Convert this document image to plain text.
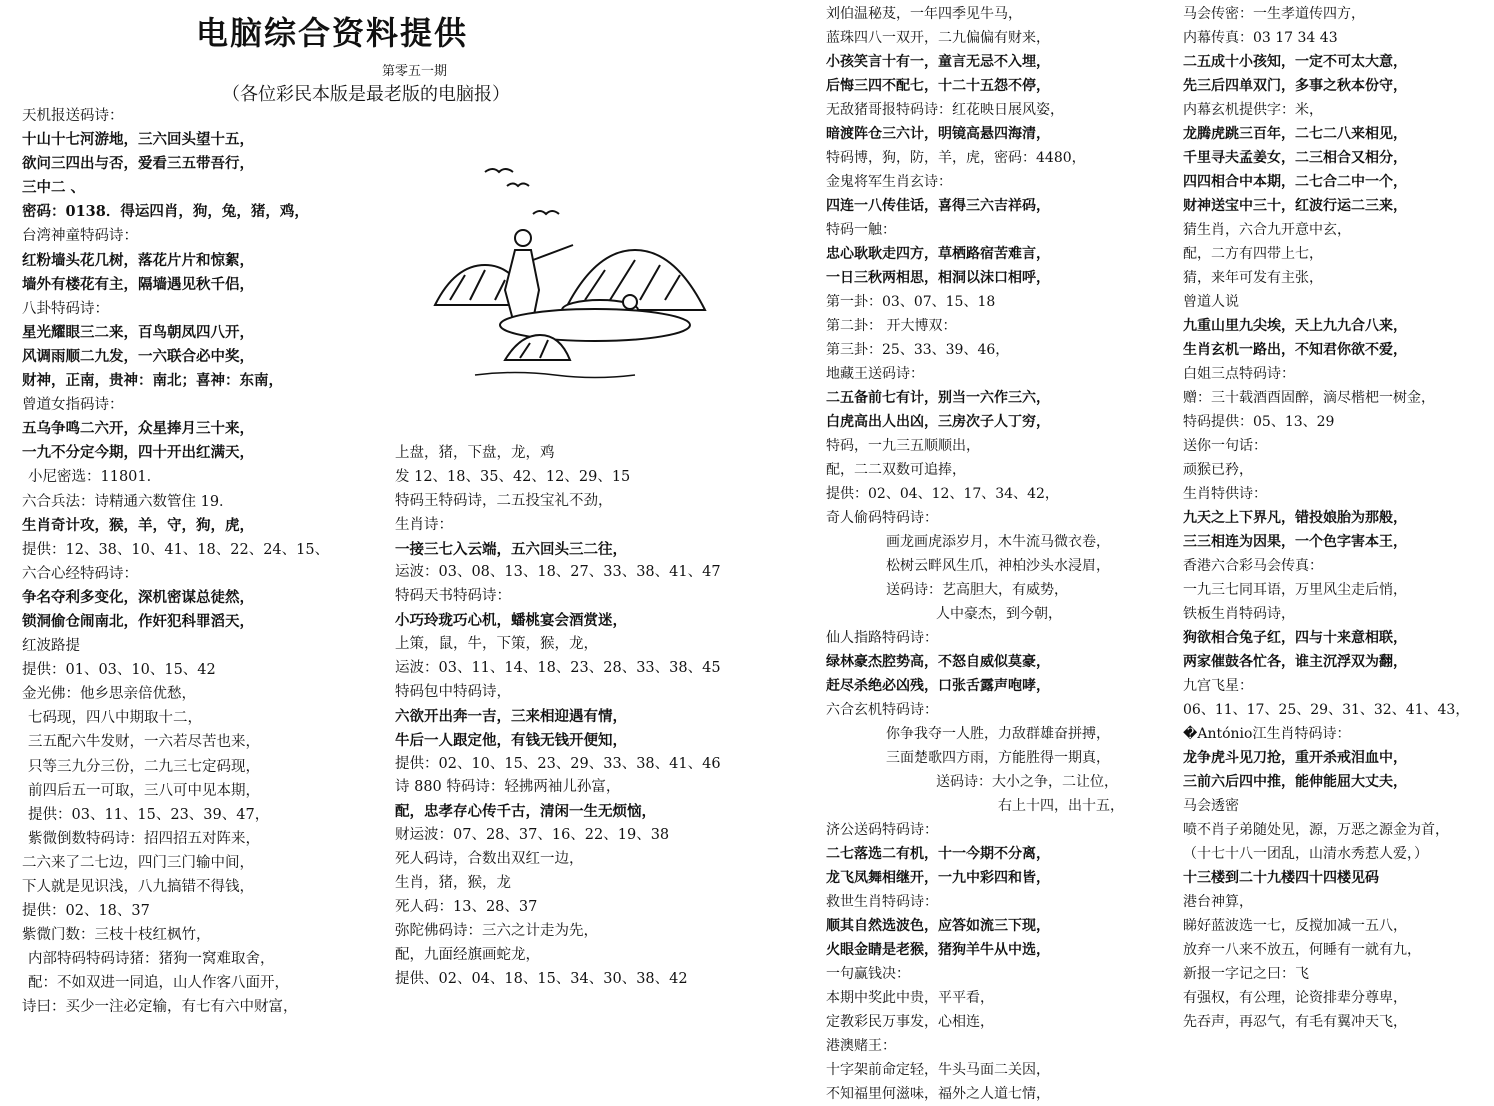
电脑综合资料提供
第零五一期
（各位彩民本版是最老版的电脑报）
天机报送码诗：
十山十七河游地，三六回头望十五，
欲问三四出与否，爱看三五带吾行，
三中二 、
密码：0138．得运四肖，狗，兔，猪，鸡，
台湾神童特码诗：
红粉墙头花几树，落花片片和惊絮，
墙外有楼花有主，隔墙遇见秋千侣，
八卦特码诗：
星光耀眼三二来，百鸟朝凤四八开，
风调雨顺二九发，一六联合必中奖，
财神，正南，贵神：南北；喜神：东南，
曾道女指码诗：
五乌争鸣二六开，众星捧月三十来，
一九不分定今期，四十开出红满天，
小尼密选：11801．
六合兵法：诗精通六数管住 19．
生肖奇计攻，猴，羊，守，狗，虎，
提供：12、38、10、41、18、22、24、15、
六合心经特码诗：
争名夺利多变化，深机密谋总徒然，
锁洞偷仓闹南北，作奸犯科罪滔天，
红波路提
提供：01、03、10、15、42
金光佛：他乡思亲倍优愁，
七码现，四八中期取十二，
三五配六牛发财，一六若尽苦也来，
只等三九分三份，二九三七定码现，
前四后五一可取，三八可中见本期，
提供：03、11、15、23、39、47，
紫微倒数特码诗：招四招五对阵来，
二六来了二七边，四门三门输中间，
下人就是见识浅，八九搞错不得钱，
提供：02、18、37
紫微门数：三枝十枝红枫竹，
内部特码特码诗猪：猪狗一窝难取舍，
配：不如双进一同追，山人作客八面开，
诗曰：买少一注必定输，有七有六中财富，
上盘，猪，下盘，龙，鸡
发 12、18、35、42、12、29、15
特码王特码诗，二五投宝礼不劲，
生肖诗：
一接三七入云端，五六回头三二往，
运波：03、08、13、18、27、33、38、41、47
特码天书特码诗：
小巧玲珑巧心机，蟠桃宴会酒赏迷，
上策，鼠，牛，下策，猴，龙，
运波：03、11、14、18、23、28、33、38、45
特码包中特码诗，
六欲开出奔一吉，三来相迎遇有情，
牛后一人跟定他，有钱无钱开便知，
提供：02、10、15、23、29、33、38、41、46
诗 880 特码诗：轻拂两袖儿孙富，
配，忠孝存心传千古，清闲一生无烦恼，
财运波：07、28、37、16、22、19、38
死人码诗，合数出双红一边，
生肖，猪，猴，龙
死人码：13、28、37
弥陀佛码诗：三六之计走为先，
配，九面经旗画蛇龙，
提供、02、04、18、15、34、30、38、42
刘伯温秘芨，一年四季见牛马，
蓝珠四八一双开，二九偏偏有财来，
小孩笑言十有一，童言无忌不入埋，
后悔三四不配七，十二十五怨不停，
无敌猪哥报特码诗：红花映日展风姿，
暗渡阵仓三六计，明镜高悬四海清，
特码博，狗，防，羊，虎，密码：4480，
金鬼将军生肖玄诗：
四连一八传佳话，喜得三六吉祥码，
特码一触：
忠心耿耿走四方，草栖路宿苦难言，
一日三秋两相思，相洞以沫口相呼，
第一卦：03、07、15、18
第二卦： 开大博双：
第三卦：25、33、39、46，
地藏王送码诗：
二五备前七有计，别当一六作三六，
白虎高出人出凶，三房次子人丁穷，
特码，一九三五顺顺出，
配，二二双数可追捧，
提供：02、04、12、17、34、42，
奇人偷码特码诗：
画龙画虎添岁月，木牛流马微衣卷，
松树云畔风生爪，神柏沙头水浸眉，
送码诗：艺高胆大，有威势，
人中豪杰，到今朝，
仙人指路特码诗：
绿林豪杰腔势高，不怒自威似莫豪，
赶尽杀绝必凶残，口张舌露声咆哮，
六合玄机特码诗：
你争我夺一人胜，力敌群雄奋拼搏，
三面楚歌四方雨，方能胜得一期真，
送码诗：大小之争，二让位，
右上十四，出十五，
济公送码特码诗：
二七落选二有机，十一今期不分离，
龙飞凤舞相继开，一九中彩四和皆，
救世生肖特码诗：
顺其自然选波色，应答如流三下现，
火眼金睛是老猴，猪狗羊牛从中选，
一句赢钱决：
本期中奖此中贵，平平看，
定教彩民万事发，心相连，
港澳赌王：
十字架前命定轻，牛头马面二关因，
不知福里何滋味，福外之人道七情，
马会传密：一生孝道传四方，
内幕传真：03 17 34 43
二五成十小孩知，一定不可太大意，
先三后四单双门，多事之秋本份守，
内幕玄机提供字：米，
龙腾虎跳三百年，二七二八来相见，
千里寻夫孟姜女，二三相合又相分，
四四相合中本期，二七合二中一个，
财神送宝中三十，红波行运二三来，
猜生肖，六合九开意中玄，
配，二方有四带上七，
猜，来年可发有主张，
曾道人说
九重山里九尖埃，天上九九合八来，
生肖玄机一路出，不知君你欲不爱，
白姐三点特码诗：
赠：三十载酒酉固醉，滴尽楷杷一树金，
特码提供：05、13、29
送你一句话：
顽猴已矜，
生肖特供诗：
九天之上下界凡，错投娘胎为那般，
三三相连为因果，一个色字害本王，
香港六合彩马会传真：
一九三七同耳语，万里风尘走后悄，
铁板生肖特码诗，
狗欲相合兔子红，四与十来意相联，
两家催鼓各忙各，谁主沉浮双为翻，
九宫飞星：
06、11、17、25、29、31、32、41、43，
�António江生肖特码诗：
龙争虎斗见刀抢，重开杀戒泪血中，
三前六后四中推，能伸能屈大丈夫，
马会透密
喷不肖子弟随处见，源，万恶之源金为首，
（十七十八一团乱，山清水秀惹人爱，）
十三楼到二十九楼四十四楼见码
港台神算，
睇好蓝波选一七，反搅加减一五八，
放弃一八来不放五，何睡有一就有九，
新报一字记之曰：飞
有强权，有公理，论资排辈分尊卑，
先吞声，再忍气，有毛有翼冲天飞，
